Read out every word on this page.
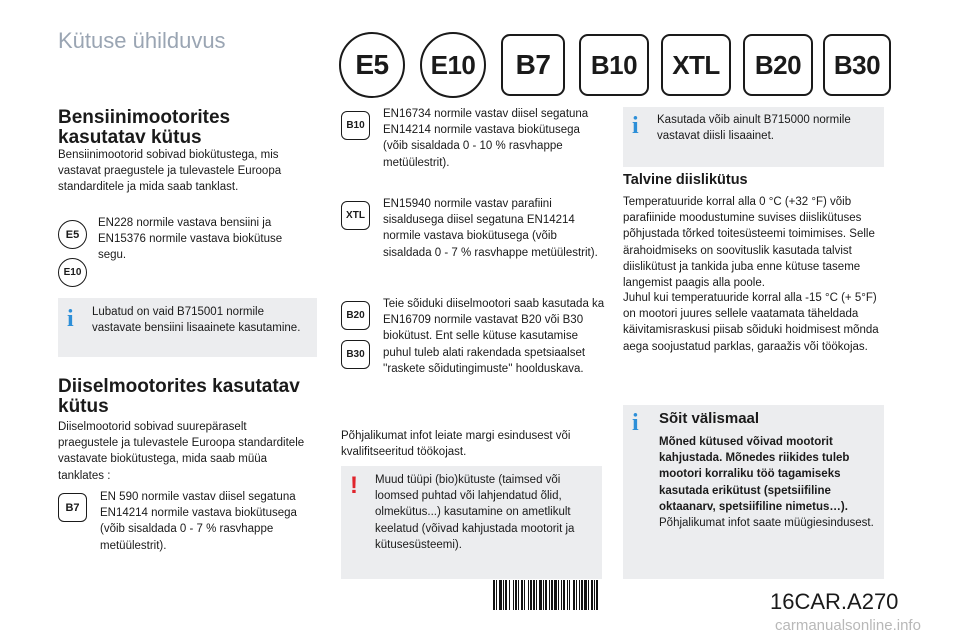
Kütuse ühilduvus
E5	E10	B7	B10	XTL	B20	B30
Bensiinimootorites
kasutatav kütus
Bensiinimootorid sobivad biokütustega, mis vastavat praegustele ja tulevastele Euroopa standarditele ja mida saab tanklast.
E5
E10
EN228 normile vastava bensiini ja EN15376 normile vastava biokütuse segu.
i Lubatud on vaid B715001 normile vastavate bensiini lisaainete kasutamine.
Diiselmootorites kasutatav
kütus
Diiselmootorid sobivad suurepäraselt praegustele ja tulevastele Euroopa standarditele vastavate biokütustega, mida saab müüa tanklates :
B7
EN 590 normile vastav diisel segatuna EN14214 normile vastava biokütusega (võib sisaldada 0 - 7 % rasvhappe metüülestrit).
B10
EN16734 normile vastav diisel segatuna EN14214 normile vastava biokütusega (võib sisaldada 0 - 10 % rasvhappe metüülestrit).
XTL
EN15940 normile vastav parafiini sisaldusega diisel segatuna EN14214 normile vastava biokütusega (võib sisaldada 0 - 7 % rasvhappe metüülestrit).
B20
B30
Teie sõiduki diiselmootori saab kasutada ka EN16709 normile vastavat B20 või B30 biokütust. Ent selle kütuse kasutamise puhul tuleb alati rakendada spetsiaalset ''raskete sõidutingimuste'' hoolduskava.
Põhjalikumat infot leiate margi esindusest või kvalifitseeritud töökojast.
! Muud tüüpi (bio)kütuste (taimsed või loomsed puhtad või lahjendatud õlid, olmekütus...) kasutamine on ametlikult keelatud (võivad kahjustada mootorit ja kütusesüsteemi).
i Kasutada võib ainult B715000 normile vastavat diisli lisaainet.
Talvine diislikütus
Temperatuuride korral alla 0 °C (+32 °F) võib parafiinide moodustumine suvises diislikütuses põhjustada tõrked toitesüsteemi toimimises. Selle ärahoidmiseks on soovituslik kasutada talvist diislikütust ja tankida juba enne kütuse taseme langemist paagis alla poole.
Juhul kui temperatuuride korral alla -15 °C (+ 5°F) on mootori juures sellele vaatamata täheldada käivitamisraskusi piisab sõiduki hoidmisest mõnda aega soojustatud parklas, garaažis või töökojas.
i Sõit välismaal
Mõned kütused võivad mootorit kahjustada. Mõnedes riikides tuleb mootori korraliku töö tagamiseks kasutada erikütust (spetsiifiline oktaanarv, spetsiifiline nimetus…).
Põhjalikumat infot saate müügiesindusest.
16CAR.A270
carmanualsonline.info
